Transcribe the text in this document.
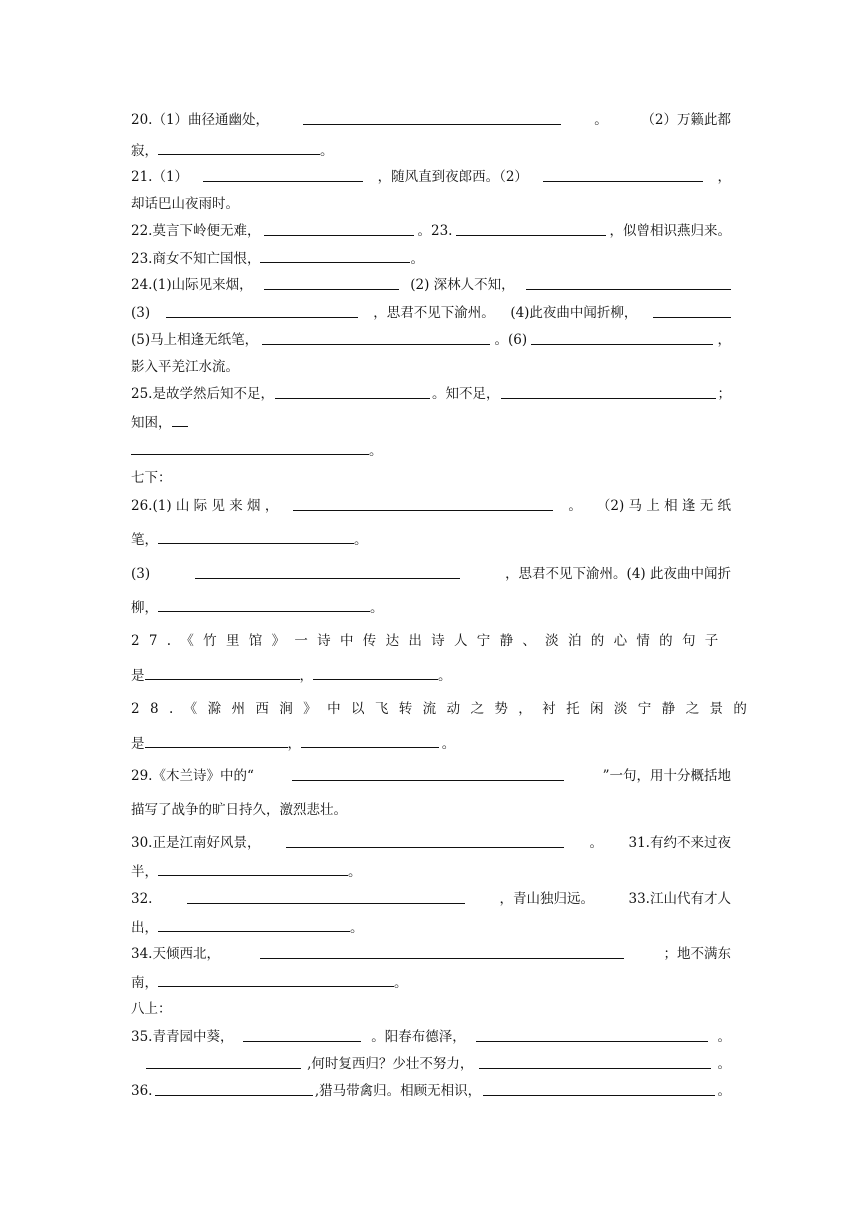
20.（1）曲径通幽处，	。 （2）万籁此都
寂，	。
21.（1）	，随风直到夜郎西。（2）	，
却话巴山夜雨时。
22.莫言下岭便无难，	。23.	，似曾相识燕归来。
23.商女不知亡国恨，	。
24.(1)山际见来烟，	(2) 深林人不知，
(3)	，思君不见下渝州。 (4)此夜曲中闻折柳，
(5)马上相逢无纸笔，	。(6)	，
影入平羌江水流。
25.是故学然后知不足，	。知不足，	；
知困，
。
七下：
26.(1) 山 际 见 来 烟 ，	。 （2) 马 上 相 逢 无 纸
笔，	。
(3)	，思君不见下渝州。(4) 此夜曲中闻折
柳，	。
27.《竹里馆》一诗中传达出诗人宁静、淡泊的心情的句子
是	，	。
28.《滁州西涧》中以飞转流动之势，衬托闲淡宁静之景的
是	， 	。
29.《木兰诗》中的“	”一句，用十分概括地
描写了战争的旷日持久，激烈悲壮。
30.正是江南好风景，	。 31.有约不来过夜
半，	。
32.	，青山独归远。	33.江山代有才人
出，	。
34.天倾西北，	；地不满东
南，	。
八上：
35.青青园中葵，	。阳春布德泽，	。
,何时复西归？少壮不努力，	。
36.	,猎马带禽归。相顾无相识，	。
